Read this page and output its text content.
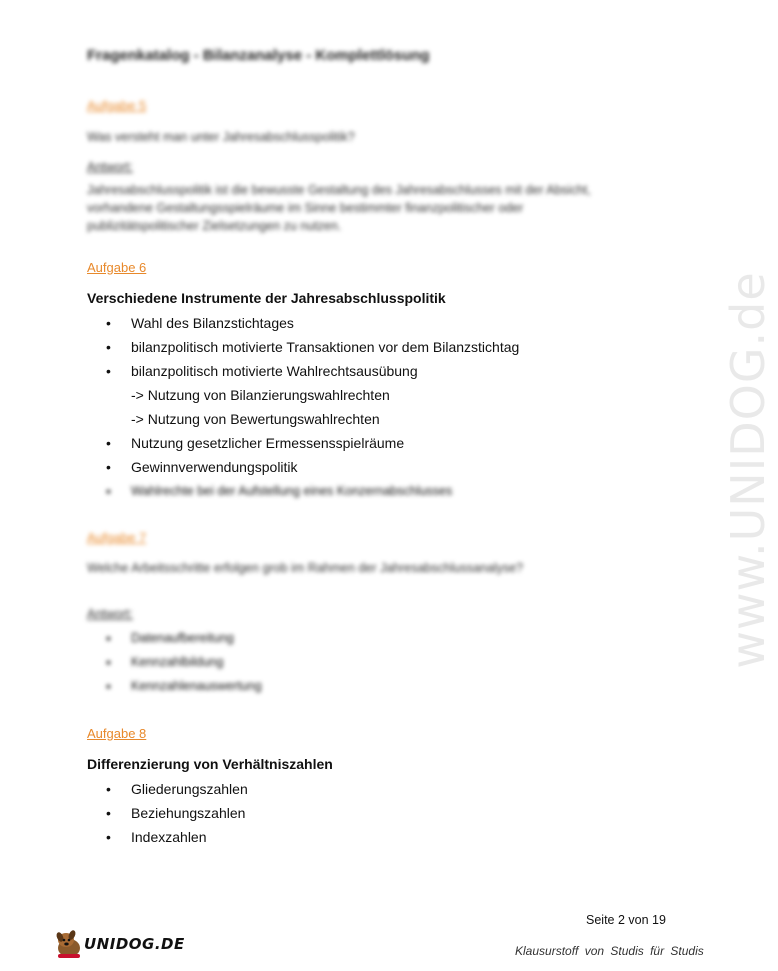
www.UNIDOG.de
Fragenkatalog - Bilanzanalyse - Komplettlösung
Aufgabe 5
Was versteht man unter Jahresabschlusspolitik?
Antwort:
Jahresabschlusspolitik ist die bewusste Gestaltung des Jahresabschlusses mit der Absicht,
vorhandene Gestaltungsspielräume im Sinne bestimmter finanzpolitischer oder
publizitätspolitischer Zielsetzungen zu nutzen.
Aufgabe 6
Verschiedene Instrumente der Jahresabschlusspolitik
• Wahl des Bilanzstichtages
• bilanzpolitisch motivierte Transaktionen vor dem Bilanzstichtag
• bilanzpolitisch motivierte Wahlrechtsausübung
-> Nutzung von Bilanzierungswahlrechten
-> Nutzung von Bewertungswahlrechten
• Nutzung gesetzlicher Ermessensspielräume
• Gewinnverwendungspolitik
• Wahlrechte bei der Aufstellung eines Konzernabschlusses
Aufgabe 7
Welche Arbeitsschritte erfolgen grob im Rahmen der Jahresabschlussanalyse?
Antwort:
• Datenaufbereitung
• Kennzahlbildung
• Kennzahlenauswertung
Aufgabe 8
Differenzierung von Verhältniszahlen
• Gliederungszahlen
• Beziehungszahlen
• Indexzahlen
Seite 2 von 19
UNIDOG.DE	Klausurstoff von Studis für Studis
